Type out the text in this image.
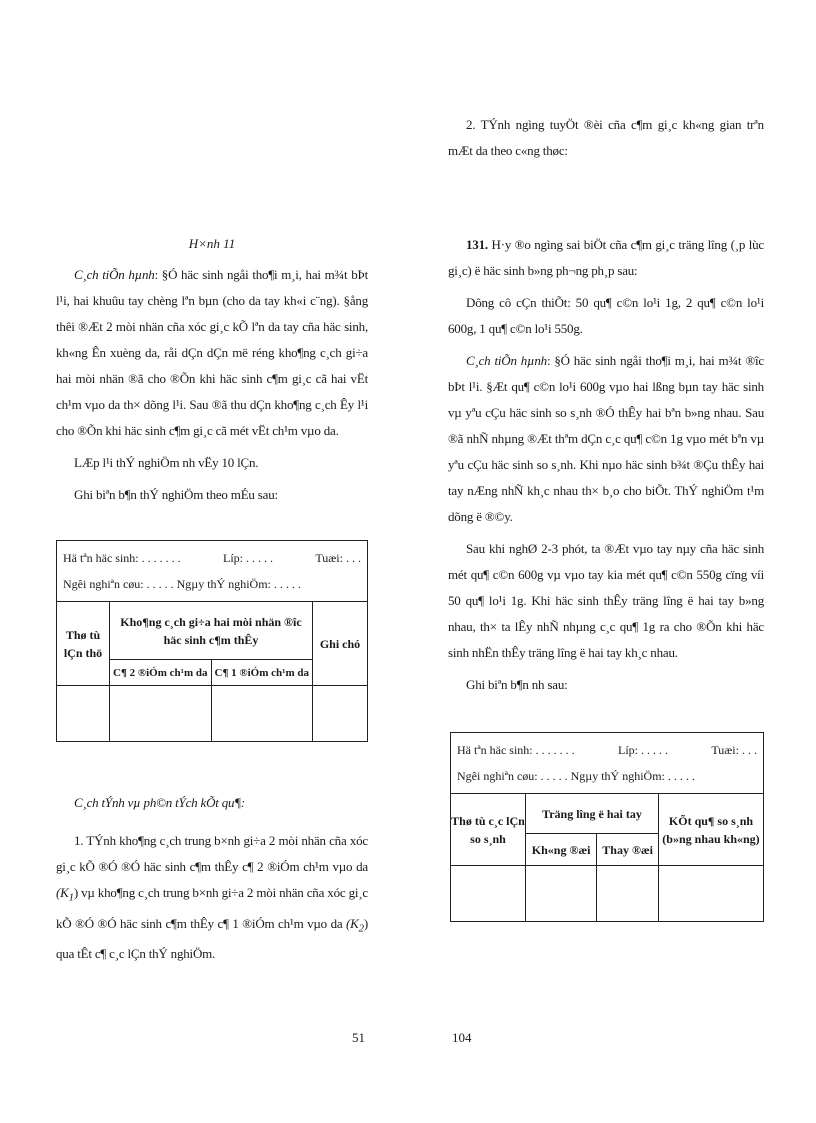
H×nh 11

C¸ch tiÕn hµnh: §Ó häc sinh ngåi tho¶i m¸i, hai m¾t bÞt l¹i, hai khuûu tay chèng lªn bµn (cho da tay kh«i c¨ng). §ång thêi ®Æt 2 mòi nhän cña xóc gi¸c kÕ lªn da tay cña häc sinh, kh«ng Ên xuèng da, råi dÇn dÇn më réng kho¶ng c¸ch gi÷a hai mòi nhän ®ã cho ®Õn khi häc sinh c¶m gi¸c cã hai vËt ch¹m vµo da th× dõng l¹i. Sau ®ã thu dÇn kho¶ng c¸ch Êy l¹i cho ®Õn khi häc sinh c¶m gi¸c cã mét vËt ch¹m vµo da.

LÆp l¹i thÝ nghiÖm nh vËy 10 lÇn.

Ghi biªn b¶n thÝ nghiÖm theo mÉu sau:

Hä tªn häc sinh: . . . . . . . Líp: . . . . . Tuæi: . . .
Ngêi nghiªn cøu: . . . . . Ngµy thÝ nghiÖm: . . . . .			

Thø tù lÇn thö	Kho¶ng c¸ch gi÷a hai mòi nhän ®îc häc sinh c¶m thÊy		Ghi chó
	C¶ 2 ®iÓm ch¹m da	C¶ 1 ®iÓm ch¹m da	

C¸ch tÝnh vµ ph©n tÝch kÕt qu¶:

1. TÝnh kho¶ng c¸ch trung b×nh gi÷a 2 mòi nhän cña xóc gi¸c kÕ ®Ó ®Ó häc sinh c¶m thÊy c¶ 2 ®iÓm ch¹m vµo da $(K_1)$ vµ kho¶ng c¸ch trung b×nh gi÷a 2 mòi nhän cña xóc gi¸c kÕ ®Ó ®Ó häc sinh c¶m thÊy c¶ 1 ®iÓm ch¹m vµo da $(K_2)$ qua tÊt c¶ c¸c lÇn thÝ nghiÖm.

51

2. TÝnh ngìng tuyÖt ®èi cña c¶m gi¸c kh«ng gian trªn mÆt da theo c«ng thøc:

131. H·y ®o ngìng sai biÖt cña c¶m gi¸c träng lîng (¸p lùc gi¸c) ë häc sinh b»ng ph¬ng ph¸p sau:

Dông cô cÇn thiÕt: 50 qu¶ c©n lo¹i 1g, 2 qu¶ c©n lo¹i 600g, 1 qu¶ c©n lo¹i 550g.

C¸ch tiÕn hµnh: §Ó häc sinh ngåi tho¶i m¸i, hai m¾t ®îc bÞt l¹i. §Æt qu¶ c©n lo¹i 600g vµo hai lßng bµn tay häc sinh vµ yªu cÇu häc sinh so s¸nh ®Ó thÊy hai bªn b»ng nhau. Sau ®ã nhÑ nhµng ®Æt thªm dÇn c¸c qu¶ c©n 1g vµo mét bªn vµ yªu cÇu häc sinh so s¸nh. Khi nµo häc sinh b¾t ®Çu thÊy hai tay nÆng nhÑ kh¸c nhau th× b¸o cho biÕt. ThÝ nghiÖm t¹m dõng ë ®©y.

Sau khi nghØ 2-3 phót, ta ®Æt vµo tay nµy cña häc sinh mét qu¶ c©n 600g vµ vµo tay kia mét qu¶ c©n 550g cïng víi 50 qu¶ lo¹i 1g. Khi häc sinh thÊy träng lîng ë hai tay b»ng nhau, th× ta lÊy nhÑ nhµng c¸c qu¶ 1g ra cho ®Õn khi häc sinh nhËn thÊy träng lîng ë hai tay kh¸c nhau.

Ghi biªn b¶n nh sau:

Hä tªn häc sinh: . . . . . . . Líp: . . . . . Tuæi: . . .
Ngêi nghiªn cøu: . . . . . Ngµy thÝ nghiÖm: . . . . .			

Thø tù c¸c lÇn so s¸nh	Träng lîng ë hai tay		KÕt qu¶ so s¸nh (b»ng nhau kh«ng)
	Kh«ng ®æi	Thay ®æi	

104
